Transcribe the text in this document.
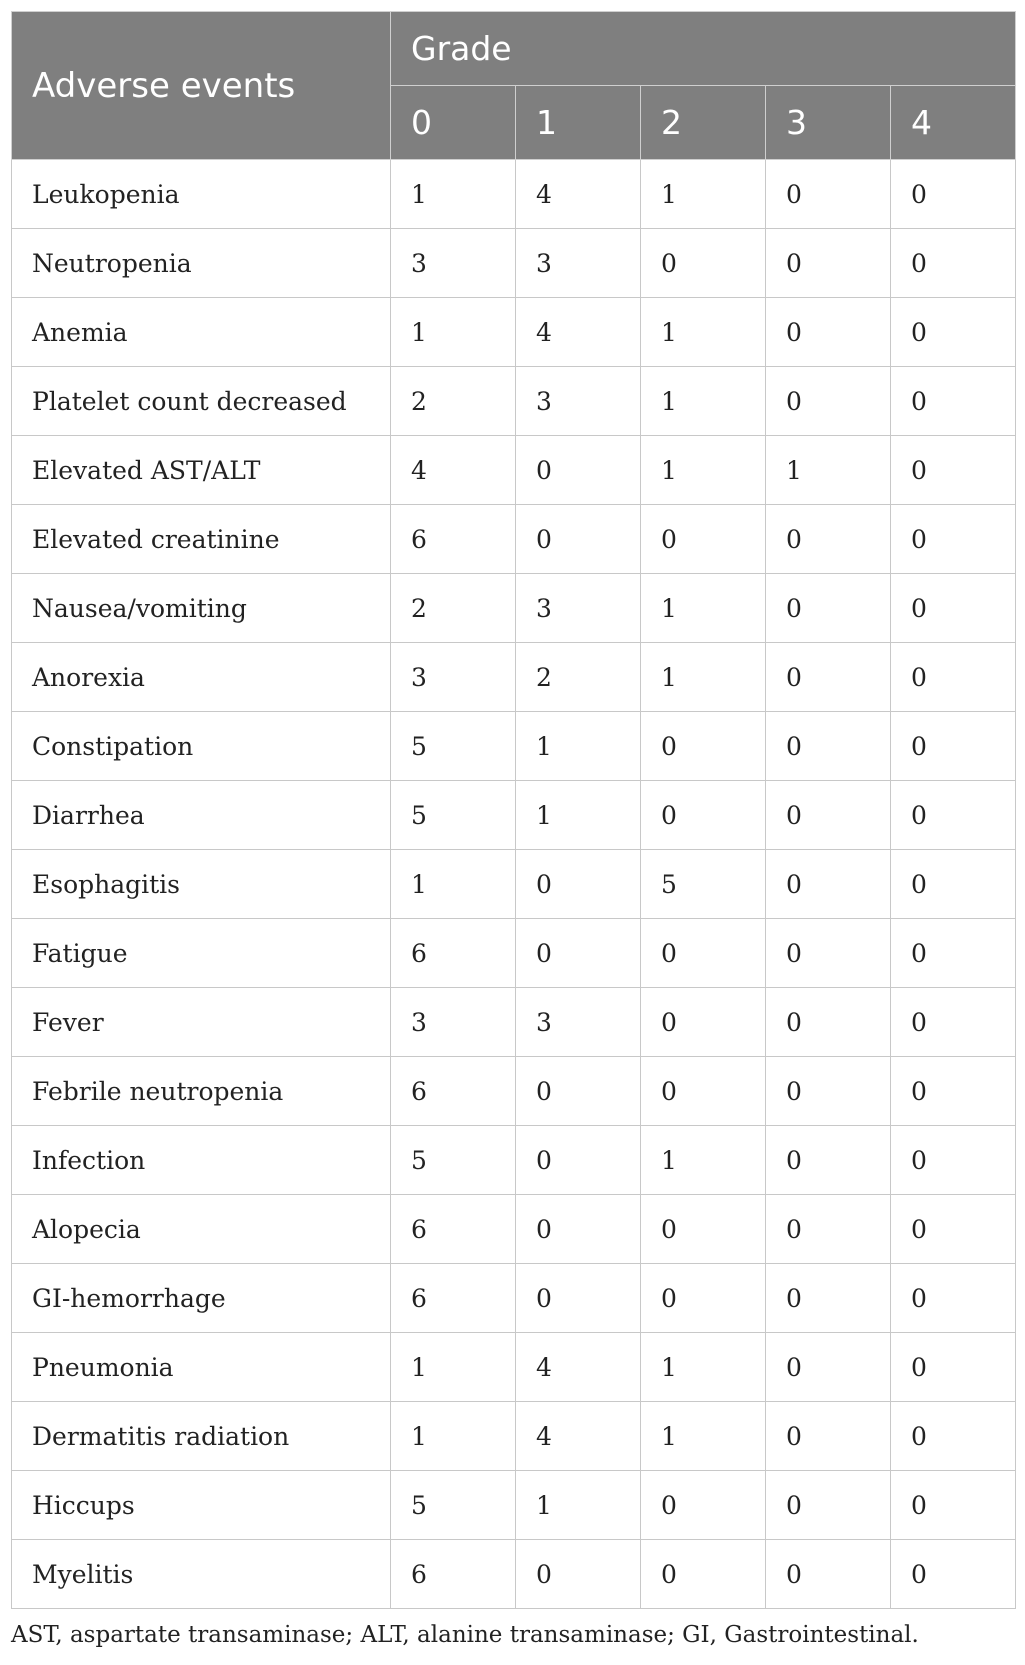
Adverse events	Grade				
	0	1	2	3	4
Leukopenia	1	4	1	0	0
Neutropenia	3	3	0	0	0
Anemia	1	4	1	0	0
Platelet count decreased	2	3	1	0	0
Elevated AST/ALT	4	0	1	1	0
Elevated creatinine	6	0	0	0	0
Nausea/vomiting	2	3	1	0	0
Anorexia	3	2	1	0	0
Constipation	5	1	0	0	0
Diarrhea	5	1	0	0	0
Esophagitis	1	0	5	0	0
Fatigue	6	0	0	0	0
Fever	3	3	0	0	0
Febrile neutropenia	6	0	0	0	0
Infection	5	0	1	0	0
Alopecia	6	0	0	0	0
GI-hemorrhage	6	0	0	0	0
Pneumonia	1	4	1	0	0
Dermatitis radiation	1	4	1	0	0
Hiccups	5	1	0	0	0
Myelitis	6	0	0	0	0
AST, aspartate transaminase; ALT, alanine transaminase; GI, Gastrointestinal.
